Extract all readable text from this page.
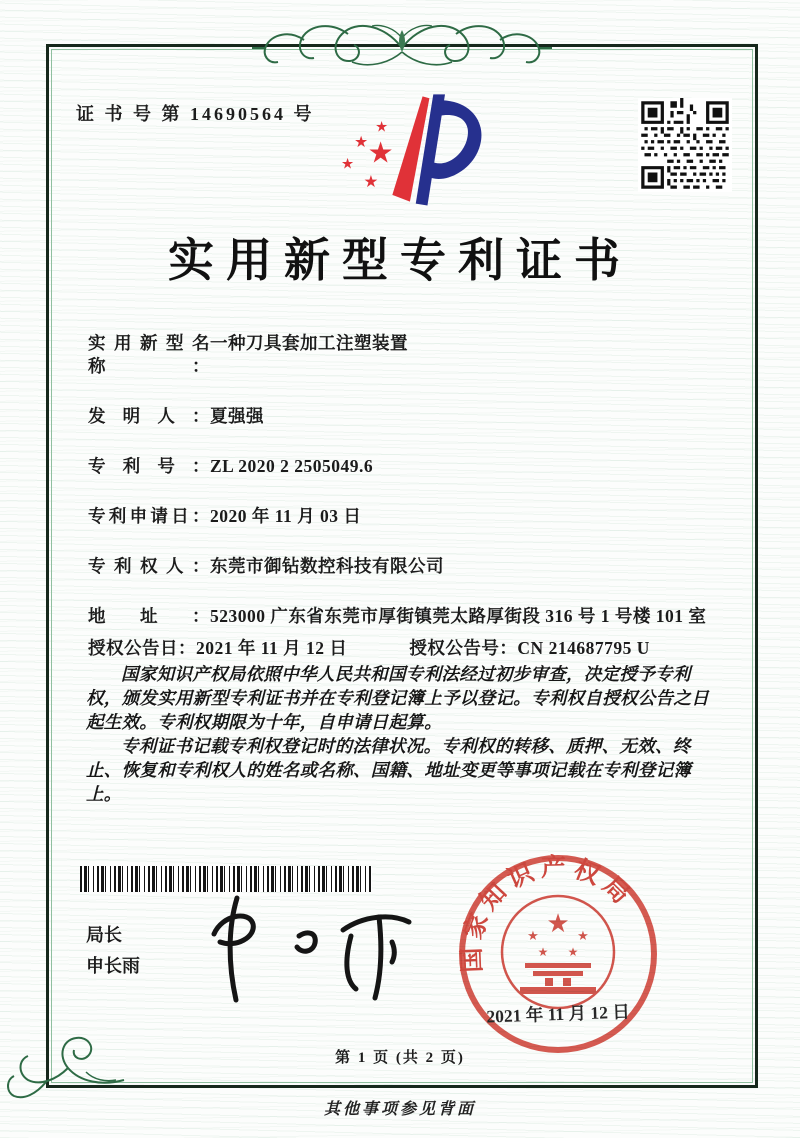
证 书 号 第 14690564 号
★
★ ★
★
★
实用新型专利证书
实用新型名称：
一种刀具套加工注塑装置
发明人： 夏强强
专利号： ZL 2020 2 2505049.6
专利申请日： 2020 年 11 月 03 日
专利权人： 东莞市御钻数控科技有限公司
地址： 523000 广东省东莞市厚街镇莞太路厚街段 316 号 1 号楼 101 室
授权公告日： 2021 年 11 月 12 日	授权公告号： CN 214687795 U

国家知识产权局依照中华人民共和国专利法经过初步审查，决定授予专利权，颁发实用新型专利证书并在专利登记簿上予以登记。专利权自授权公告之日起生效。专利权期限为十年，自申请日起算。

专利证书记载专利权登记时的法律状况。专利权的转移、质押、无效、终止、恢复和专利权人的姓名或名称、国籍、地址变更等事项记载在专利登记簿上。

局长
申长雨	国家知识产权局
★
★	★
★ ★
2021 年 11 月 12 日
第 1 页 (共 2 页)
其他事项参见背面
